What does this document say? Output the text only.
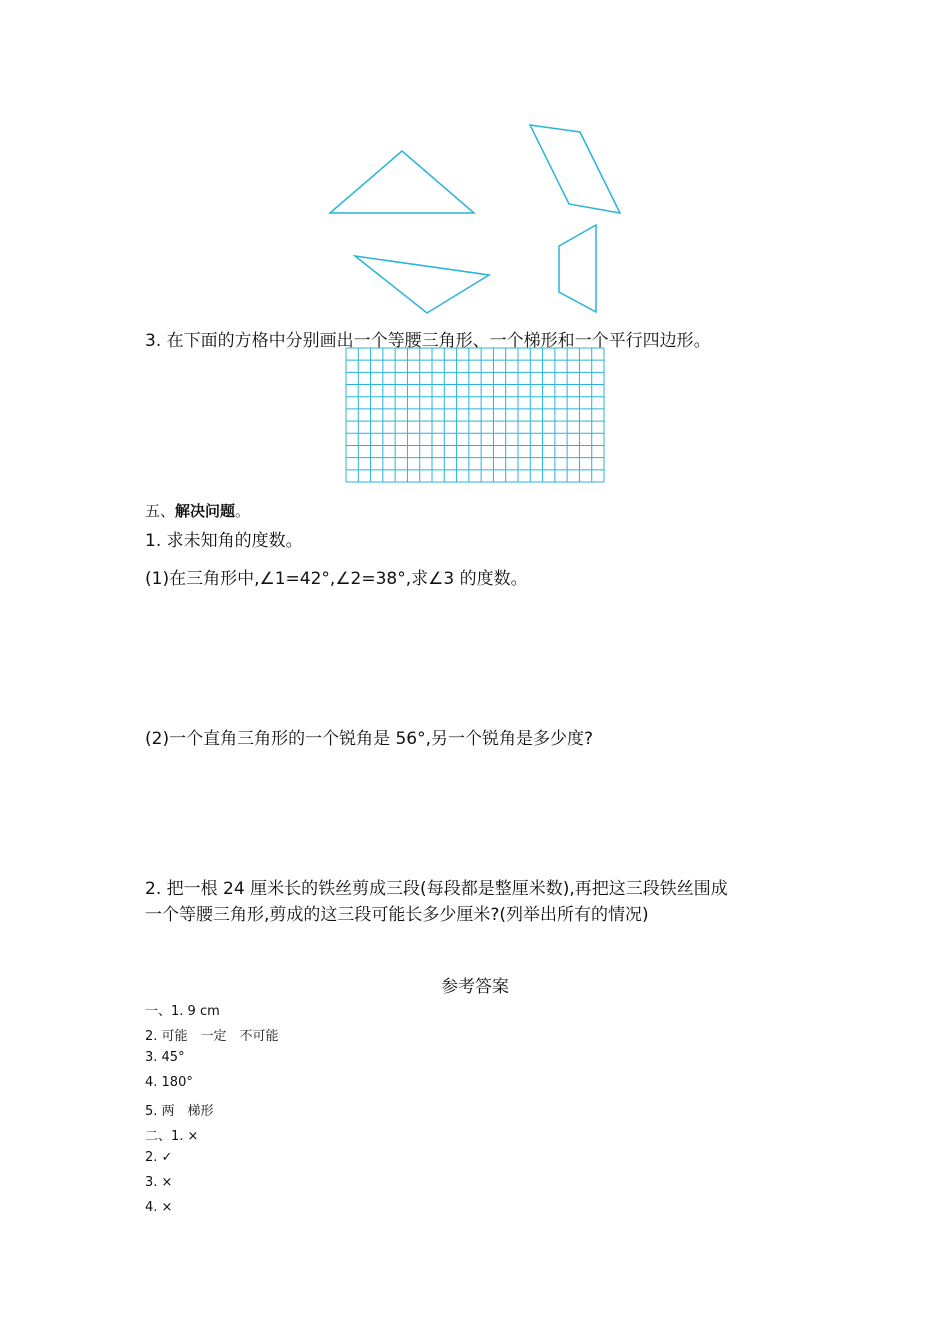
3. 在下面的方格中分别画出一个等腰三角形、一个梯形和一个平行四边形。
五、解决问题。
1. 求未知角的度数。
(1)在三角形中,∠1=42°,∠2=38°,求∠3 的度数。
(2)一个直角三角形的一个锐角是 56°,另一个锐角是多少度?
2. 把一根 24 厘米长的铁丝剪成三段(每段都是整厘米数),再把这三段铁丝围成
一个等腰三角形,剪成的这三段可能长多少厘米?(列举出所有的情况)
参考答案
一、1. 9 cm
2. 可能　一定　不可能
3. 45°
4. 180°
5. 两　梯形
二、1. ×
2. ✓
3. ×
4. ×
